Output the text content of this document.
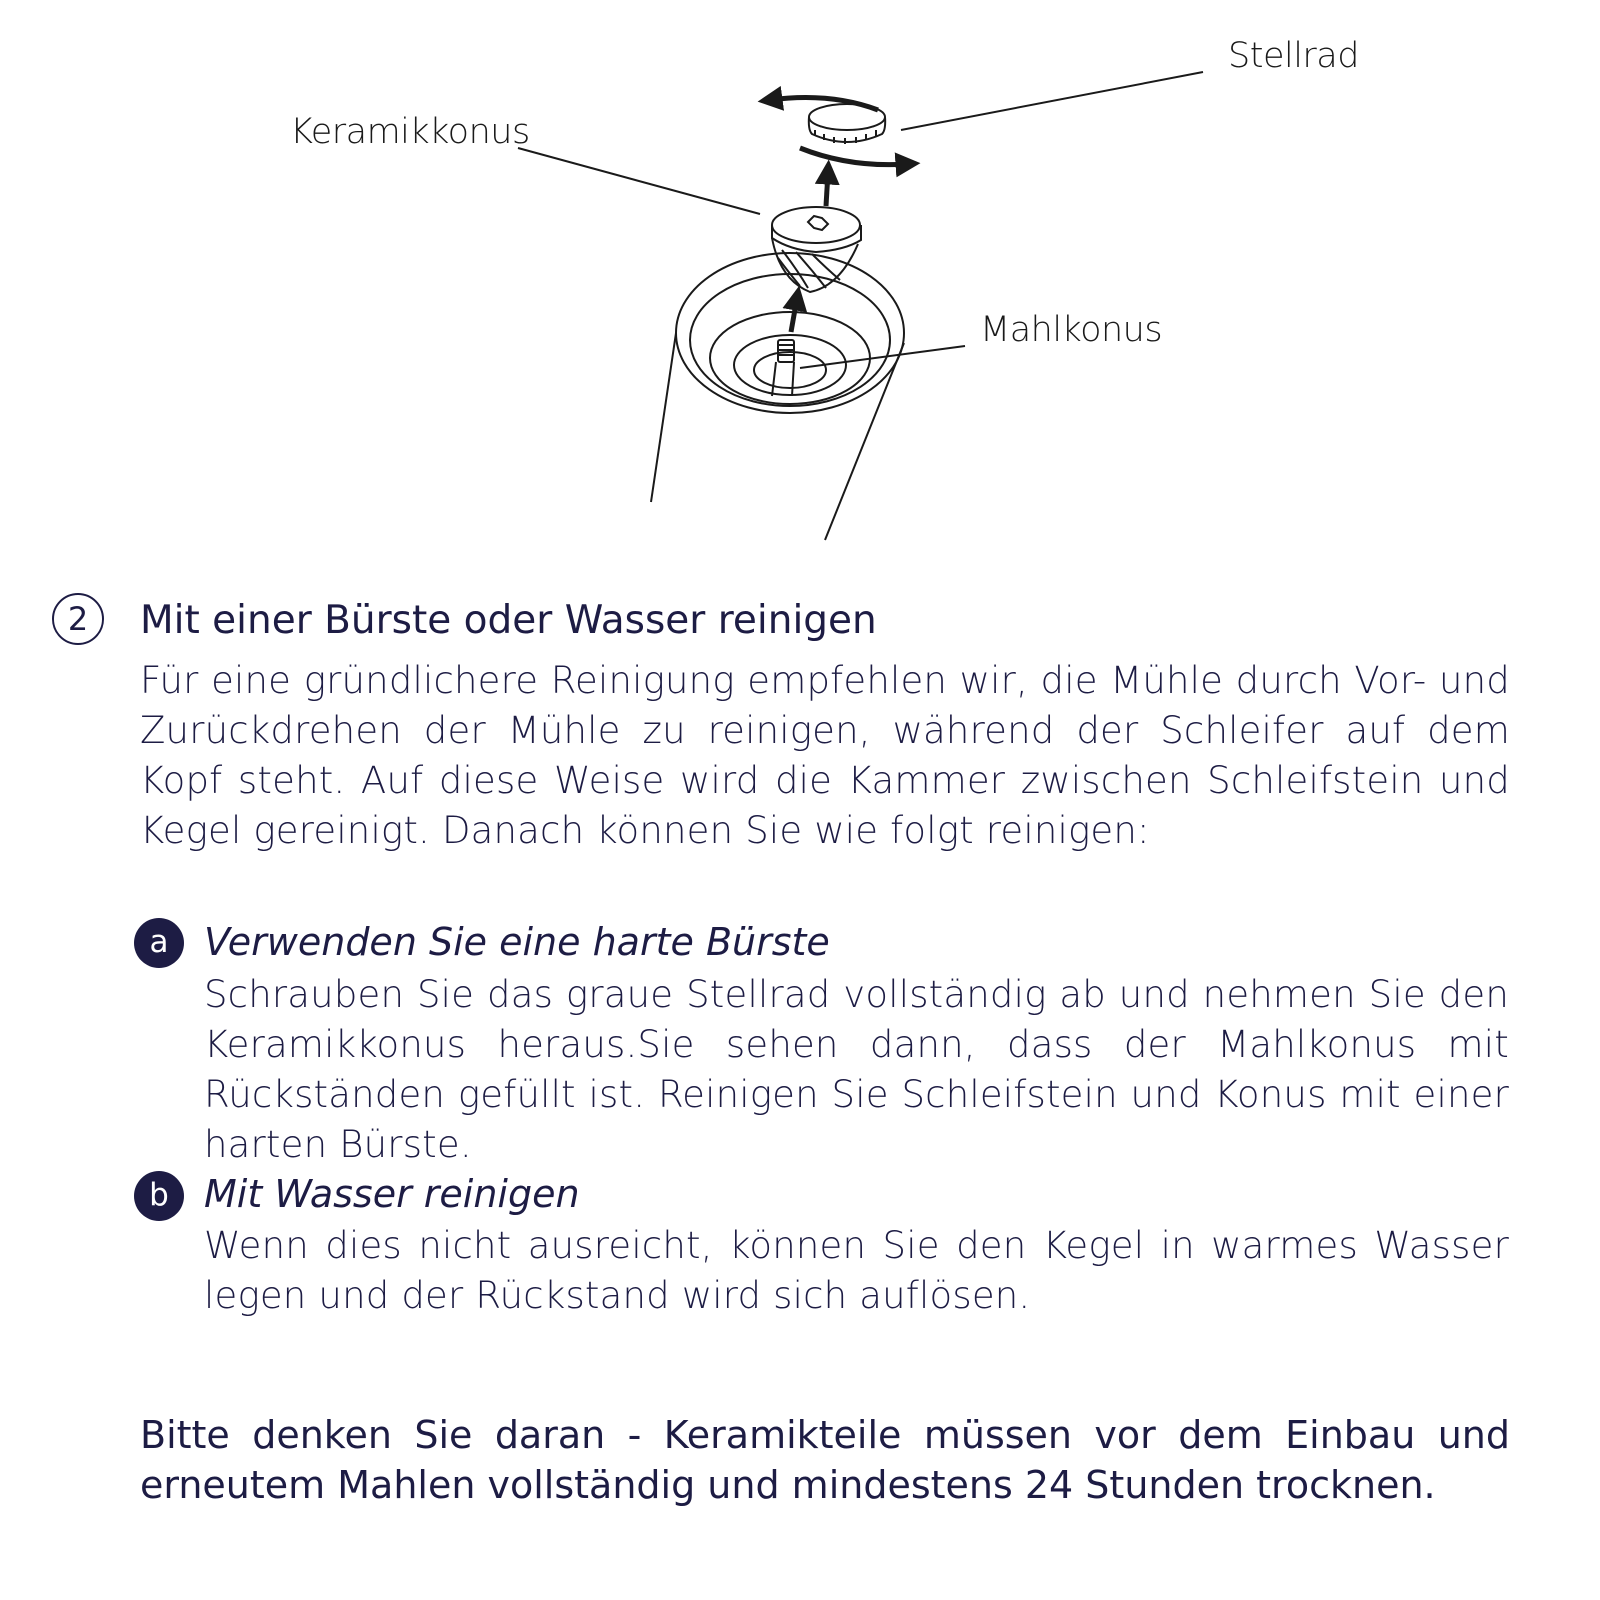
Stellrad
Keramikkonus
Mahlkonus
2	Mit einer Bürste oder Wasser reinigen
Für eine gründlichere Reinigung empfehlen wir, die Mühle durch Vor- und Zurückdrehen der Mühle zu reinigen, während der Schleifer auf dem Kopf steht. Auf diese Weise wird die Kammer zwischen Schleifstein und Kegel gereinigt. Danach können Sie wie folgt reinigen:
a Verwenden Sie eine harte Bürste
Schrauben Sie das graue Stellrad vollständig ab und nehmen Sie den Keramikkonus heraus.Sie sehen dann, dass der Mahlkonus mit Rückständen gefüllt ist. Reinigen Sie Schleifstein und Konus mit einer harten Bürste.
b Mit Wasser reinigen
Wenn dies nicht ausreicht, können Sie den Kegel in warmes Wasser legen und der Rückstand wird sich auflösen.
Bitte denken Sie daran - Keramikteile müssen vor dem Einbau und erneutem Mahlen vollständig und mindestens 24 Stunden trocknen.
